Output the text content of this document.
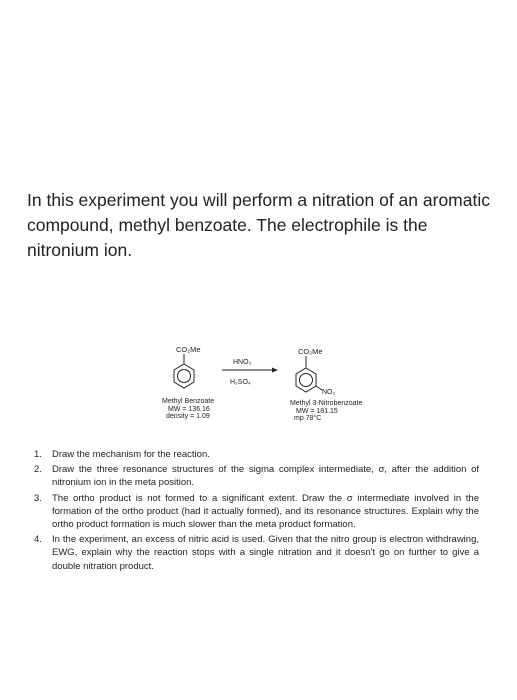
In this experiment you will perform a nitration of an aromatic compound, methyl benzoate. The electrophile is the nitronium ion.

CO₂Me
HNO₃
H₂SO₄
CO₂Me
NO₂
Methyl Benzoate
MW = 136.16
density = 1.09
Methyl 3-Nitrobenzoate
MW = 181.15
mp 78°C
1. Draw the mechanism for the reaction.
2. Draw the three resonance structures of the sigma complex intermediate, σ, after the addition of nitronium ion in the meta position.
3. The ortho product is not formed to a significant extent. Draw the σ intermediate involved in the formation of the ortho product (had it actually formed), and its resonance structures. Explain why the ortho product formation is much slower than the meta product formation.
4. In the experiment, an excess of nitric acid is used. Given that the nitro group is electron withdrawing, EWG, explain why the reaction stops with a single nitration and it doesn't go on further to give a double nitration product.
